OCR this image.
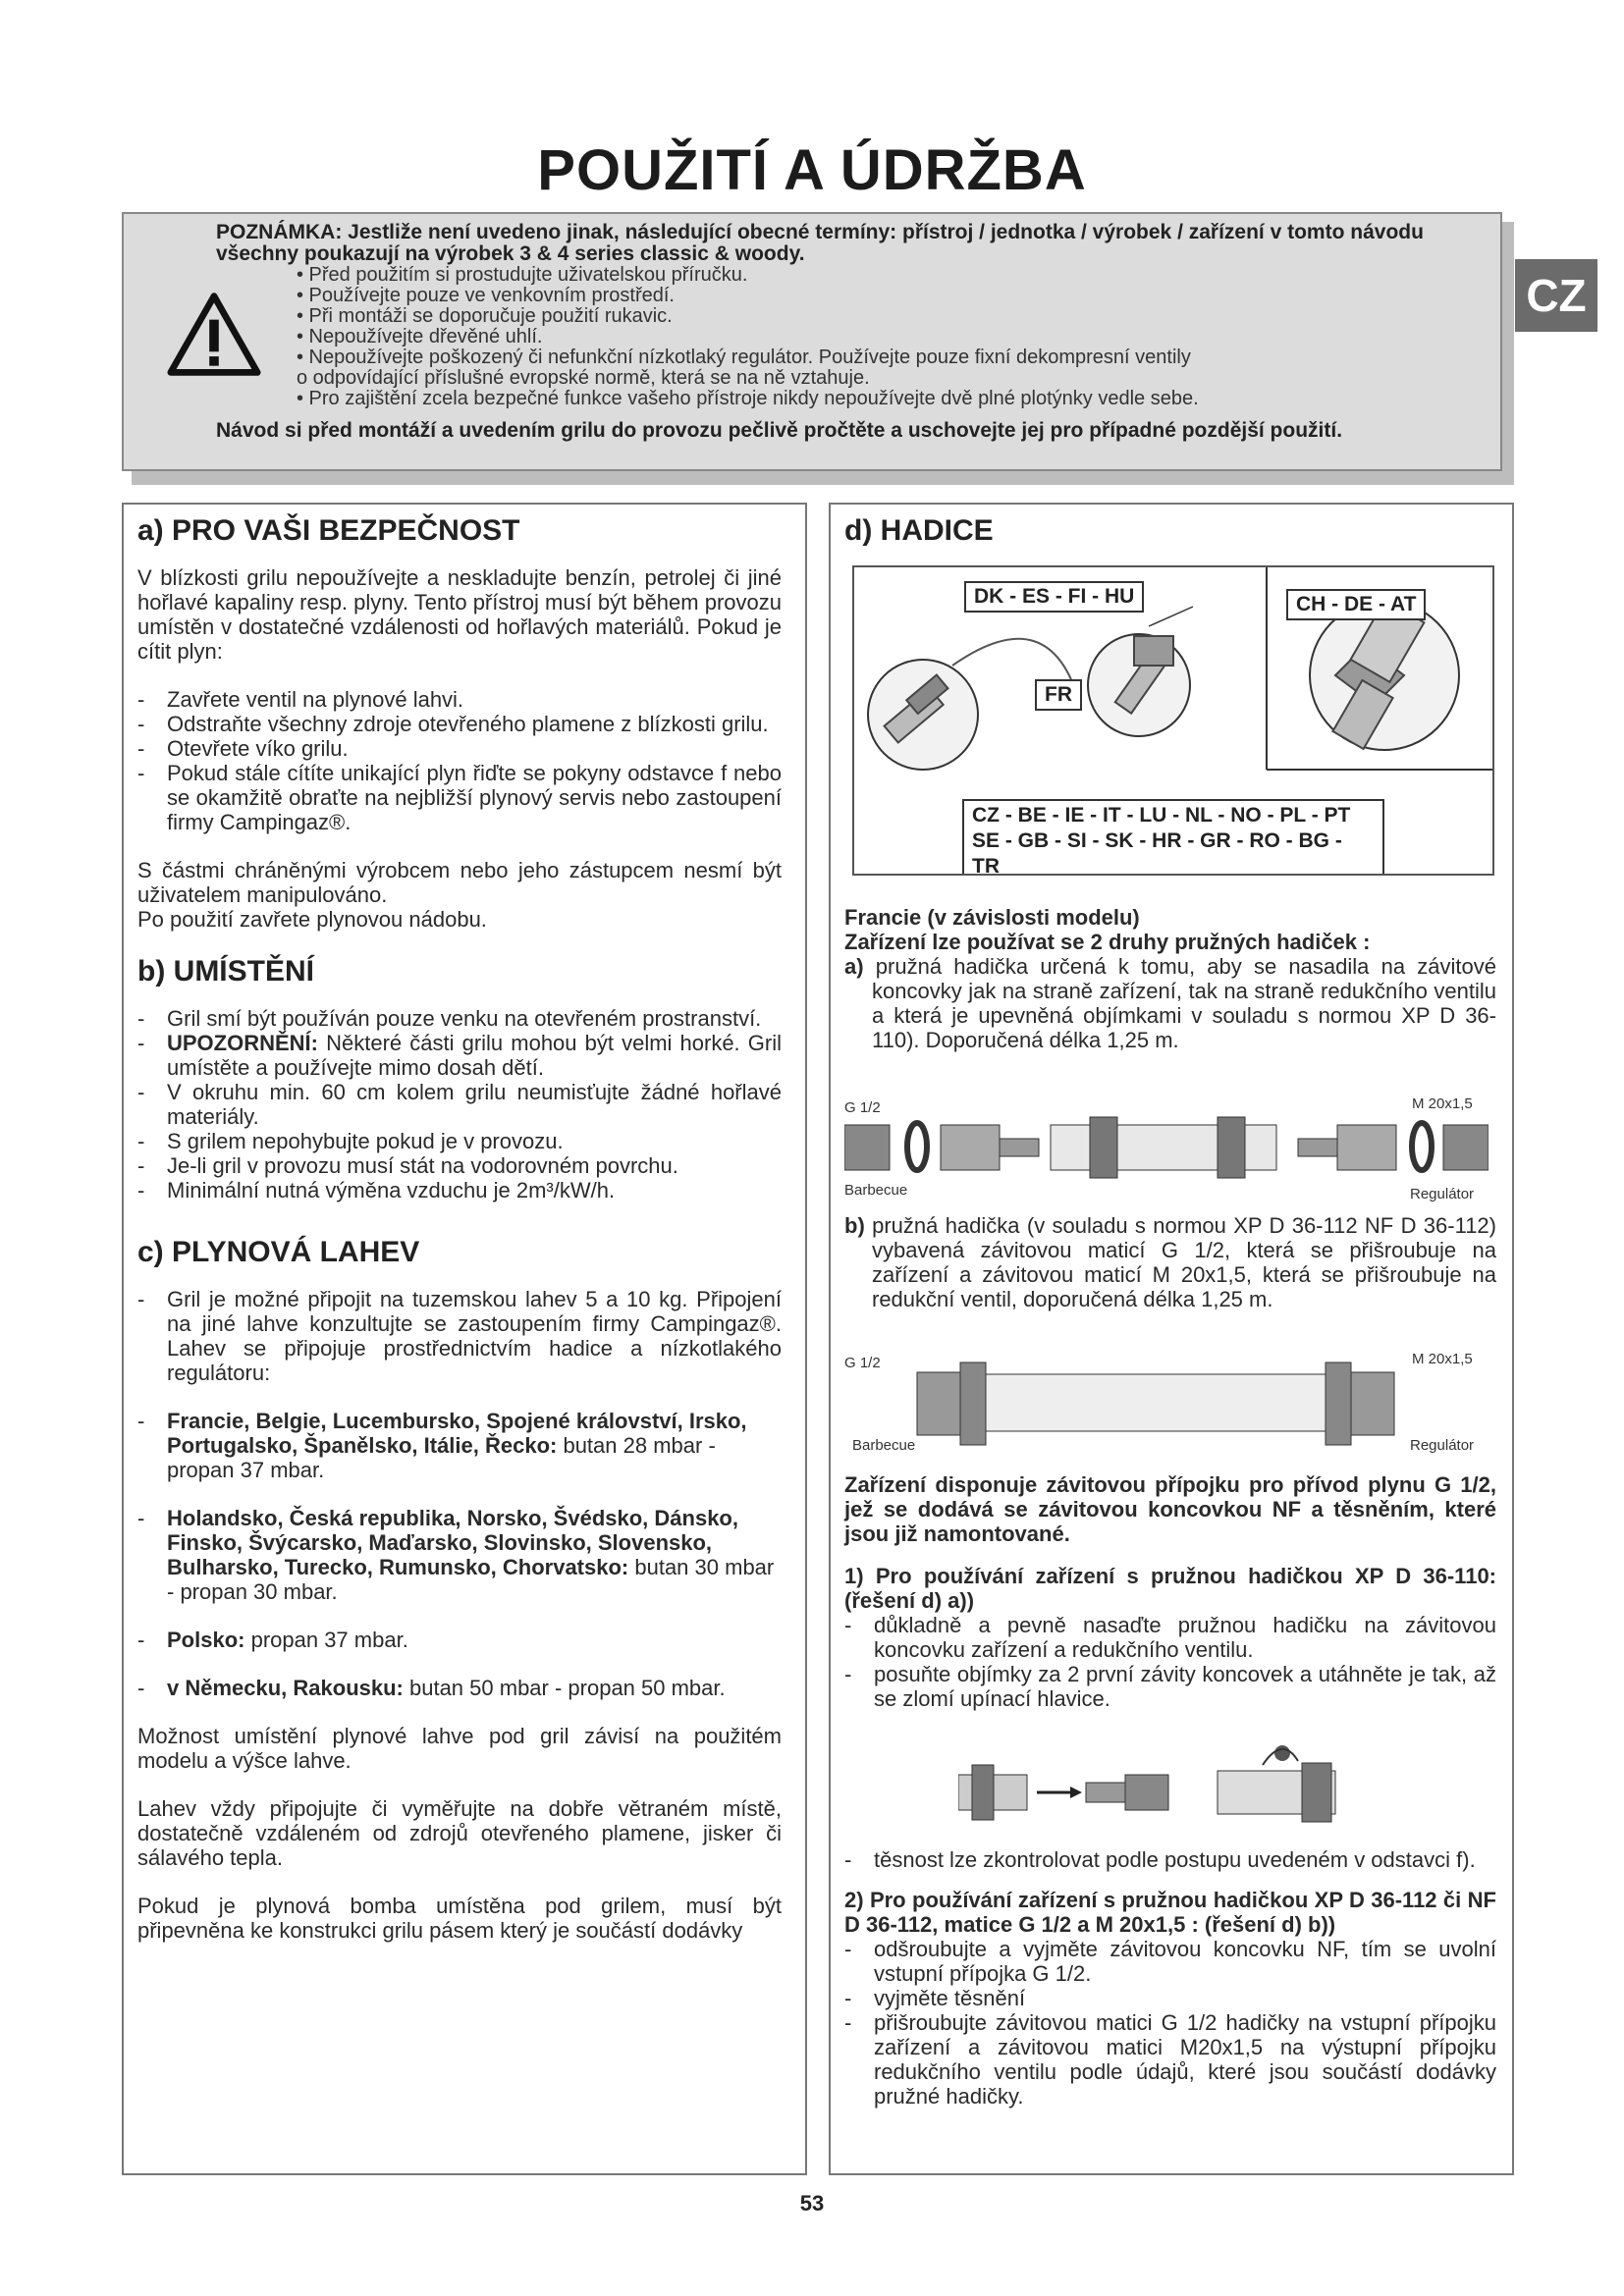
POUŽITÍ A ÚDRŽBA
CZ

POZNÁMKA: Jestliže není uvedeno jinak, následující obecné termíny: přístroj / jednotka / výrobek / zařízení v tomto návodu všechny poukazují na výrobek 3 & 4 series classic & woody.

• Před použitím si prostudujte uživatelskou příručku.
• Používejte pouze ve venkovním prostředí.
• Při montáži se doporučuje použití rukavic.
• Nepoužívejte dřevěné uhlí.
• Nepoužívejte poškozený či nefunkční nízkotlaký regulátor. Používejte pouze fixní dekompresní ventily
o odpovídající příslušné evropské normě, která se na ně vztahuje.
• Pro zajištění zcela bezpečné funkce vašeho přístroje nikdy nepoužívejte dvě plné plotýnky vedle sebe.

Návod si před montáží a uvedením grilu do provozu pečlivě pročtěte a uschovejte jej pro případné pozdější použití.

a) PRO VAŠI BEZPEČNOST

V blízkosti grilu nepoužívejte a neskladujte benzín, petrolej či jiné hořlavé kapaliny resp. plyny. Tento přístroj musí být během provozu umístěn v dostatečné vzdálenosti od hořlavých materiálů. Pokud je cítit plyn:

- Zavřete ventil na plynové lahvi.

- Odstraňte všechny zdroje otevřeného plamene z blízkosti grilu.

- Otevřete víko grilu.

- Pokud stále cítíte unikající plyn řiďte se pokyny odstavce f nebo se okamžitě obraťte na nejbližší plynový servis nebo zastoupení firmy Campingaz®.

S částmi chráněnými výrobcem nebo jeho zástupcem nesmí být uživatelem manipulováno.

Po použití zavřete plynovou nádobu.

b) UMÍSTĚNÍ

- Gril smí být používán pouze venku na otevřeném prostranství.

- UPOZORNĚNÍ: Některé části grilu mohou být velmi horké. Gril umístěte a používejte mimo dosah dětí.

- V okruhu min. 60 cm kolem grilu neumisťujte žádné hořlavé materiály.

- S grilem nepohybujte pokud je v provozu.

- Je-li gril v provozu musí stát na vodorovném povrchu.

- Minimální nutná výměna vzduchu je 2m³/kW/h.

c) PLYNOVÁ LAHEV

- Gril je možné připojit na tuzemskou lahev 5 a 10 kg. Připojení na jiné lahve konzultujte se zastoupením firmy Campingaz®. Lahev se připojuje prostřednictvím hadice a nízkotlakého regulátoru:

- Francie, Belgie, Lucembursko, Spojené království, Irsko, Portugalsko, Španělsko, Itálie, Řecko: butan 28 mbar - propan 37 mbar.

- Holandsko, Česká republika, Norsko, Švédsko, Dánsko, Finsko, Švýcarsko, Maďarsko, Slovinsko, Slovensko, Bulharsko, Turecko, Rumunsko, Chorvatsko: butan 30 mbar - propan 30 mbar.

- Polsko: propan 37 mbar.

- v Německu, Rakousku: butan 50 mbar - propan 50 mbar.

Možnost umístění plynové lahve pod gril závisí na použitém modelu a výšce lahve.

Lahev vždy připojujte či vyměřujte na dobře větraném místě, dostatečně vzdáleném od zdrojů otevřeného plamene, jisker či sálavého tepla.

Pokud je plynová bomba umístěna pod grilem, musí být připevněna ke konstrukci grilu pásem který je součástí dodávky

d) HADICE
DK - ES - FI - HU
FR
CH - DE - AT
CZ - BE - IE - IT - LU - NL - NO - PL - PT
SE - GB - SI - SK - HR - GR - RO - BG - TR

Francie (v závislosti modelu)

Zařízení lze používat se 2 druhy pružných hadiček :

a) pružná hadička určená k tomu, aby se nasadila na závitové koncovky jak na straně zařízení, tak na straně redukčního ventilu a která je upevněná objímkami v souladu s normou XP D 36-110). Doporučená délka 1,25 m.

G 1/2
Barbecue
M 20x1,5
Regulátor

b) pružná hadička (v souladu s normou XP D 36-112 NF D 36-112) vybavená závitovou maticí G 1/2, která se přišroubuje na zařízení a závitovou maticí M 20x1,5, která se přišroubuje na redukční ventil, doporučená délka 1,25 m.

G 1/2
Barbecue
M 20x1,5
Regulátor

Zařízení disponuje závitovou přípojku pro přívod plynu G 1/2, jež se dodává se závitovou koncovkou NF a těsněním, které jsou již namontované.

1) Pro používání zařízení s pružnou hadičkou XP D 36-110: (řešení d) a))

- důkladně a pevně nasaďte pružnou hadičku na závitovou koncovku zařízení a redukčního ventilu.

- posuňte objímky za 2 první závity koncovek a utáhněte je tak, až se zlomí upínací hlavice.

- těsnost lze zkontrolovat podle postupu uvedeném v odstavci f).

2) Pro používání zařízení s pružnou hadičkou XP D 36-112 či NF D 36-112, matice G 1/2 a M 20x1,5 : (řešení d) b))

- odšroubujte a vyjměte závitovou koncovku NF, tím se uvolní vstupní přípojka G 1/2.

- vyjměte těsnění

- přišroubujte závitovou matici G 1/2 hadičky na vstupní přípojku zařízení a závitovou matici M20x1,5 na výstupní přípojku redukčního ventilu podle údajů, které jsou součástí dodávky pružné hadičky.

53
